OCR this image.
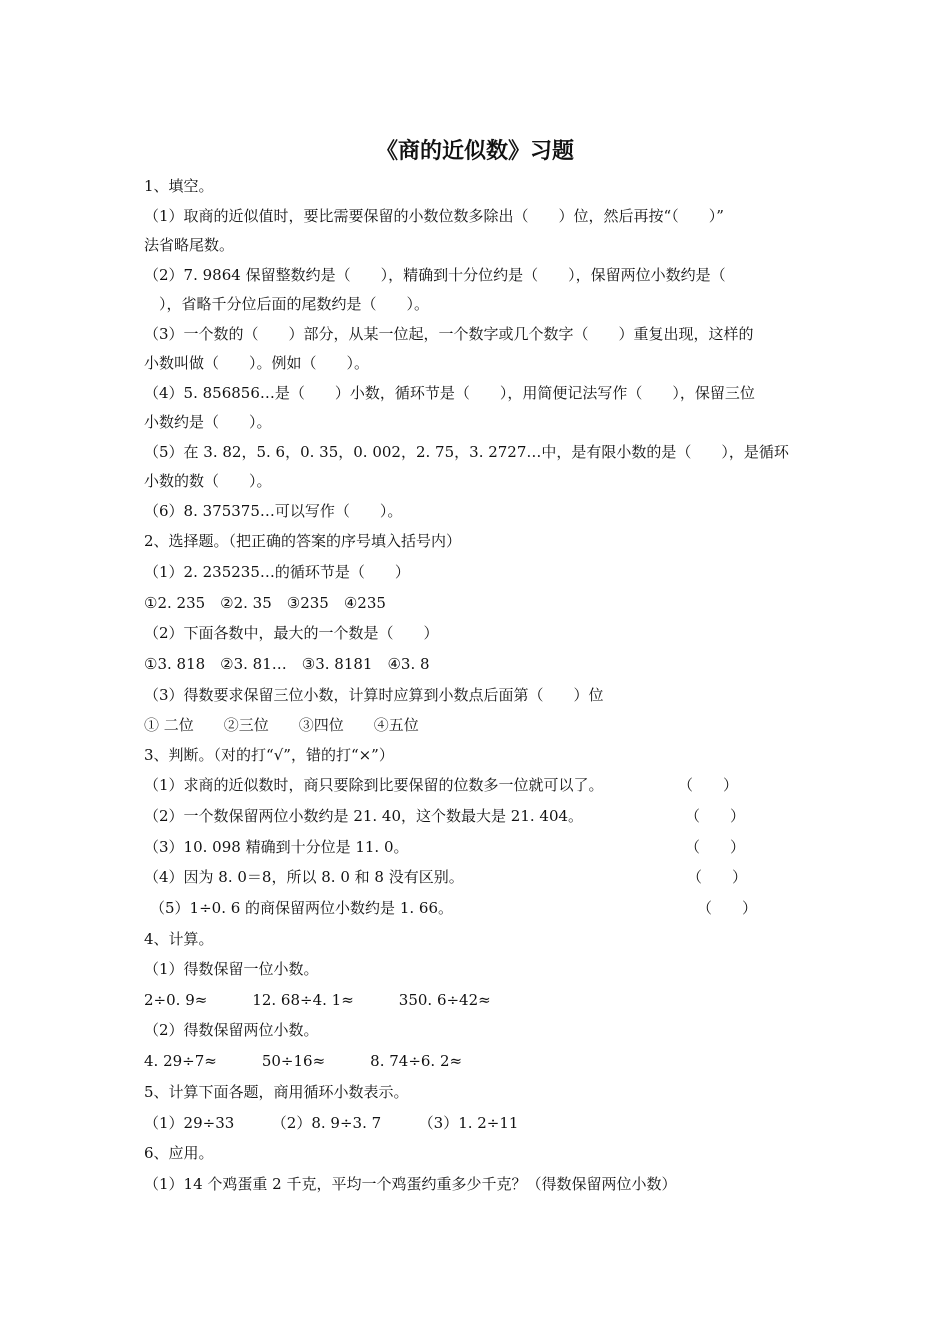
《商的近似数》习题
1、填空。
（1）取商的近似值时，要比需要保留的小数位数多除出（　　）位，然后再按“（　　）”
法省略尾数。
（2）7. 9864 保留整数约是（　　），精确到十分位约是（　　），保留两位小数约是（
　），省略千分位后面的尾数约是（　　）。
（3）一个数的（　　）部分，从某一位起，一个数字或几个数字（　　）重复出现，这样的
小数叫做（　　）。例如（　　）。
（4）5. 856856…是（　　）小数，循环节是（　　），用简便记法写作（　　），保留三位
小数约是（　　）。
（5）在 3. 82，5. 6，0. 35，0. 002，2. 75，3. 2727…中，是有限小数的是（　　），是循环
小数的数（　　）。
（6）8. 375375…可以写作（　　）。
2、选择题。（把正确的答案的序号填入括号内）
（1）2. 235235…的循环节是（　　）
①2. 235　②2. 35　③235　④235
（2）下面各数中，最大的一个数是（　　）
①3. 818　②3. 81…　③3. 8181　④3. 8
（3）得数要求保留三位小数，计算时应算到小数点后面第（　　）位
① 二位　　②三位　　③四位　　④五位
3、判断。（对的打“√”，错的打“×”）
（1）求商的近似数时，商只要除到比要保留的位数多一位就可以了。	（　　）
（2）一个数保留两位小数约是 21. 40，这个数最大是 21. 404。	（　　）
（3）10. 098 精确到十分位是 11. 0。	（　　）
（4）因为 8. 0＝8，所以 8. 0 和 8 没有区别。	（　　）
（5）1÷0. 6 的商保留两位小数约是 1. 66。	（　　）
4、计算。
（1）得数保留一位小数。
2÷0. 9≈　　　12. 68÷4. 1≈　　　350. 6÷42≈
（2）得数保留两位小数。
4. 29÷7≈　　　50÷16≈　　　8. 74÷6. 2≈
5、计算下面各题，商用循环小数表示。
（1）29÷33　　　（2）8. 9÷3. 7　　　（3）1. 2÷11
6、应用。
（1）14 个鸡蛋重 2 千克，平均一个鸡蛋约重多少千克？（得数保留两位小数）
